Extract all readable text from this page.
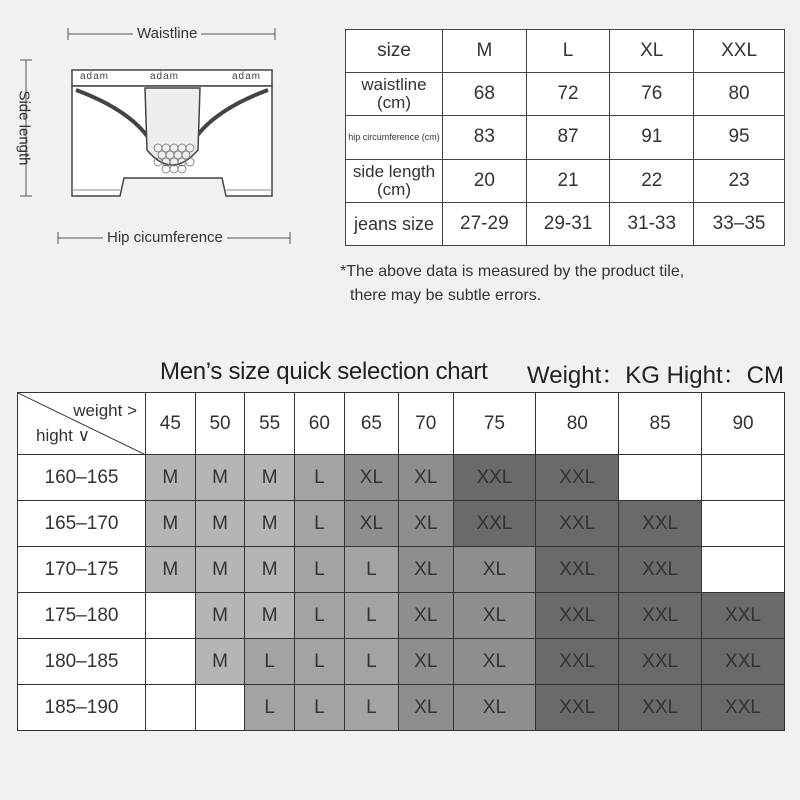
adam	adam	adam
Waistline
Side length
Hip cicumference
size	M	L	XL	XXL
waistline (cm)	68	72	76	80
hip circumference (cm)	83	87	91	95
side length (cm)	20	21	22	23
jeans size	27-29	29-31	31-33	33–35
*The above data is measured by the product tile,
there may be subtle errors.
Men’s size quick selection chart Weight：KG Hight：CM
weight >
hight ∨	45	50	55	60	65	70	75	80	85	90
160–165	M	M	M	L	XL	XL	XXL	XXL		
165–170	M	M	M	L	XL	XL	XXL	XXL	XXL	
170–175	M	M	M	L	L	XL	XL	XXL	XXL	
175–180		M	M	L	L	XL	XL	XXL	XXL	XXL
180–185		M	L	L	L	XL	XL	XXL	XXL	XXL
185–190			L	L	L	XL	XL	XXL	XXL	XXL
